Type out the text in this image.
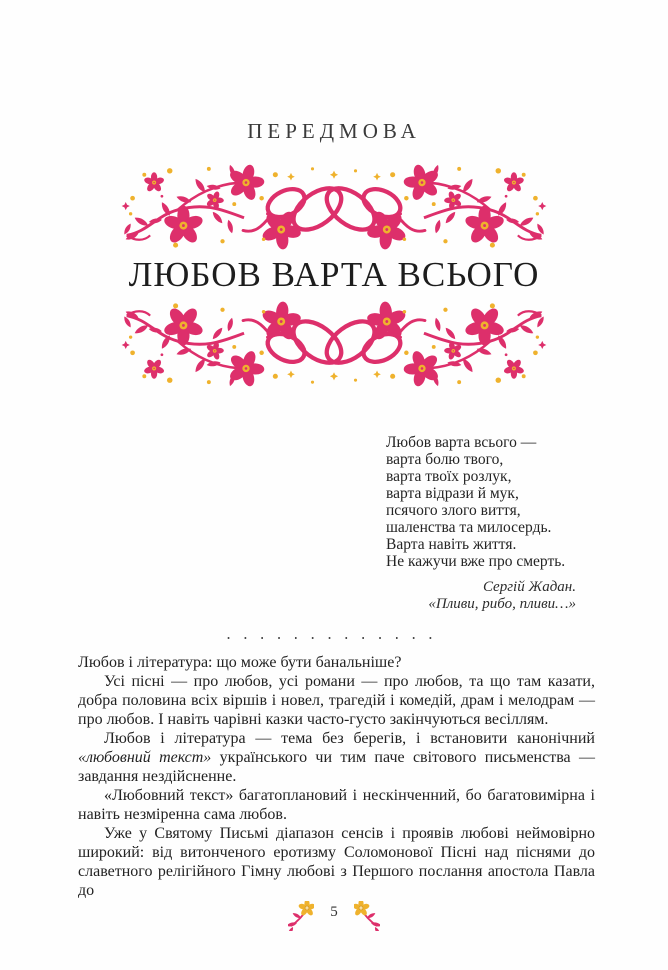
ПЕРЕДМОВА
ЛЮБОВ ВАРТА ВСЬОГО
Любов варта всього —
варта болю твого,
варта твоїх розлук,
варта відрази й мук,
псячого злого виття,
шаленства та милосердь.
Варта навіть життя.
Не кажучи вже про смерть.
Сергій Жадан.
«Пливи, рибо, пливи…»
.............

Любов і література: що може бути банальніше?

Усі пісні — про любов, усі романи — про любов, та що там казати, добра половина всіх віршів і новел, трагедій і комедій, драм і мелодрам — про любов. І навіть чарівні казки часто-густо закінчуються весіллям.

Любов і література — тема без берегів, і встановити канонічний «любовний текст» українського чи тим паче світового письменства — завдання нездійсненне.

«Любовний текст» багатоплановий і нескінченний, бо багатовимірна і навіть незміренна сама любов.

Уже у Святому Письмі діапазон сенсів і проявів любові неймовірно широкий: від витонченого еротизму Соломонової Пісні над піснями до славетного релігійного Гімну любові з Першого послання апостола Павла до

5
